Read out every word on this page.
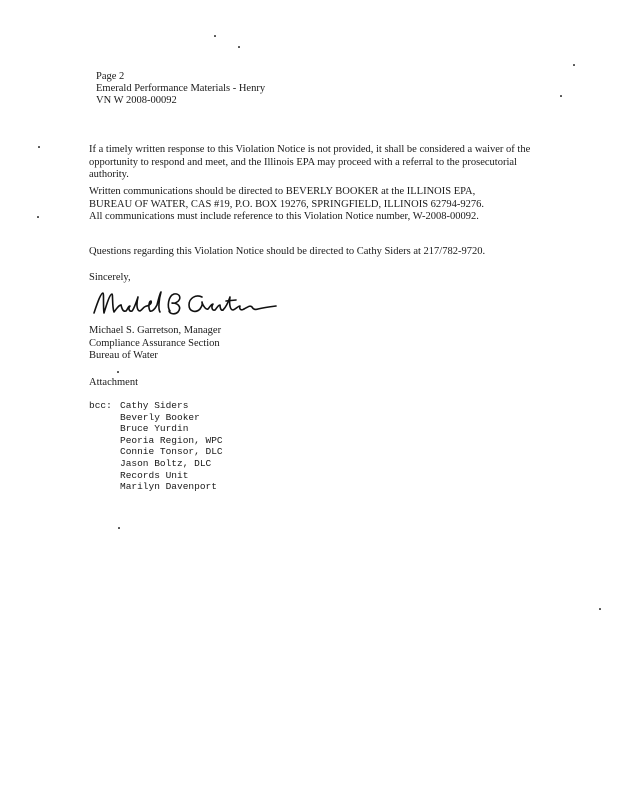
Page 2
Emerald Performance Materials - Henry
VN W 2008-00092
If a timely written response to this Violation Notice is not provided, it shall be considered a waiver of the opportunity to respond and meet, and the Illinois EPA may proceed with a referral to the prosecutorial authority.
Written communications should be directed to BEVERLY BOOKER at the ILLINOIS EPA,
BUREAU OF WATER, CAS #19, P.O. BOX 19276, SPRINGFIELD, ILLINOIS 62794-9276.
All communications must include reference to this Violation Notice number, W-2008-00092.
Questions regarding this Violation Notice should be directed to Cathy Siders at 217/782-9720.
Sincerely,
Michael S. Garretson, Manager
Compliance Assurance Section
Bureau of Water
Attachment
bcc: Cathy Siders
Beverly Booker
Bruce Yurdin
Peoria Region, WPC
Connie Tonsor, DLC
Jason Boltz, DLC
Records Unit
Marilyn Davenport
